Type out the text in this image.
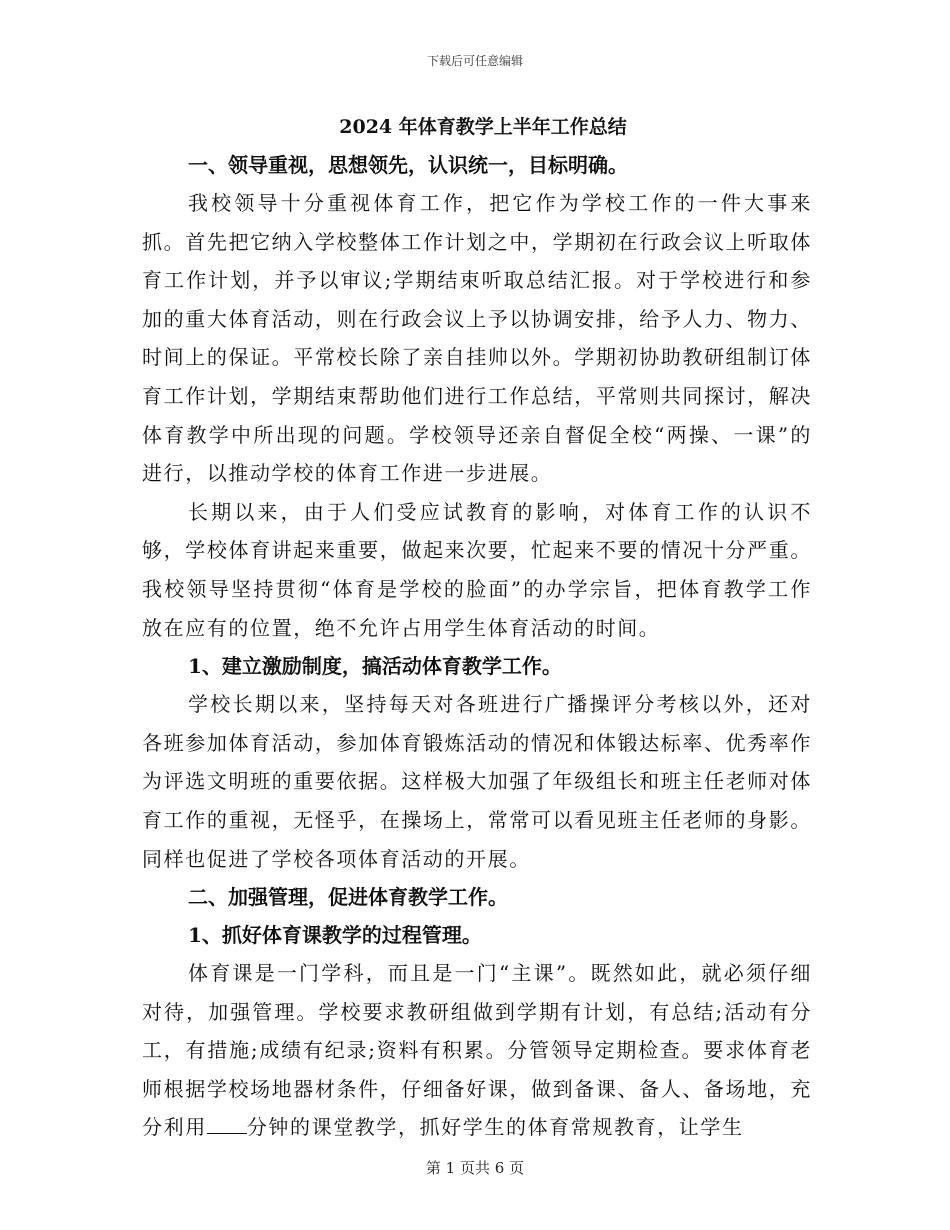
下载后可任意编辑

2024 年体育教学上半年工作总结

一、领导重视，思想领先，认识统一，目标明确。

我校领导十分重视体育工作，把它作为学校工作的一件大事来抓。首先把它纳入学校整体工作计划之中，学期初在行政会议上听取体育工作计划，并予以审议;学期结束听取总结汇报。对于学校进行和参加的重大体育活动，则在行政会议上予以协调安排，给予人力、物力、时间上的保证。平常校长除了亲自挂帅以外。学期初协助教研组制订体育工作计划，学期结束帮助他们进行工作总结，平常则共同探讨，解决体育教学中所出现的问题。学校领导还亲自督促全校“两操、一课”的进行，以推动学校的体育工作进一步进展。

长期以来，由于人们受应试教育的影响，对体育工作的认识不够，学校体育讲起来重要，做起来次要，忙起来不要的情况十分严重。我校领导坚持贯彻“体育是学校的脸面”的办学宗旨，把体育教学工作放在应有的位置，绝不允许占用学生体育活动的时间。

1、建立激励制度，搞活动体育教学工作。

学校长期以来，坚持每天对各班进行广播操评分考核以外，还对各班参加体育活动，参加体育锻炼活动的情况和体锻达标率、优秀率作为评选文明班的重要依据。这样极大加强了年级组长和班主任老师对体育工作的重视，无怪乎，在操场上，常常可以看见班主任老师的身影。同样也促进了学校各项体育活动的开展。

二、加强管理，促进体育教学工作。

1、抓好体育课教学的过程管理。

体育课是一门学科，而且是一门“主课”。既然如此，就必须仔细对待，加强管理。学校要求教研组做到学期有计划，有总结;活动有分工，有措施;成绩有纪录;资料有积累。分管领导定期检查。要求体育老师根据学校场地器材条件，仔细备好课，做到备课、备人、备场地，充分利用 分钟的课堂教学，抓好学生的体育常规教育，让学生

第 1 页共 6 页
